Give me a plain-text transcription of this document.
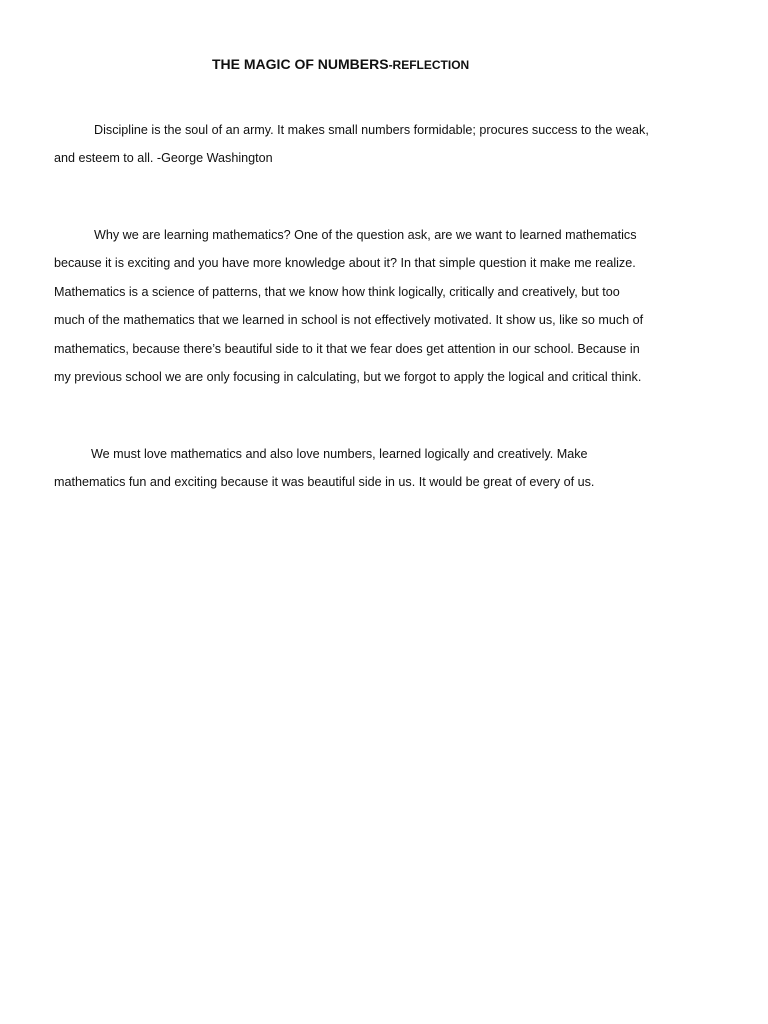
THE MAGIC OF NUMBERS-REFLECTION
Discipline is the soul of an army. It makes small numbers formidable; procures success to the weak,
and esteem to all. -George Washington
Why we are learning mathematics? One of the question ask, are we want to learned mathematics
because it is exciting and you have more knowledge about it? In that simple question it make me realize.
Mathematics is a science of patterns, that we know how think logically, critically and creatively, but too
much of the mathematics that we learned in school is not effectively motivated. It show us, like so much of
mathematics, because there’s beautiful side to it that we fear does get attention in our school. Because in
my previous school we are only focusing in calculating, but we forgot to apply the logical and critical think.
We must love mathematics and also love numbers, learned logically and creatively. Make
mathematics fun and exciting because it was beautiful side in us. It would be great of every of us.
